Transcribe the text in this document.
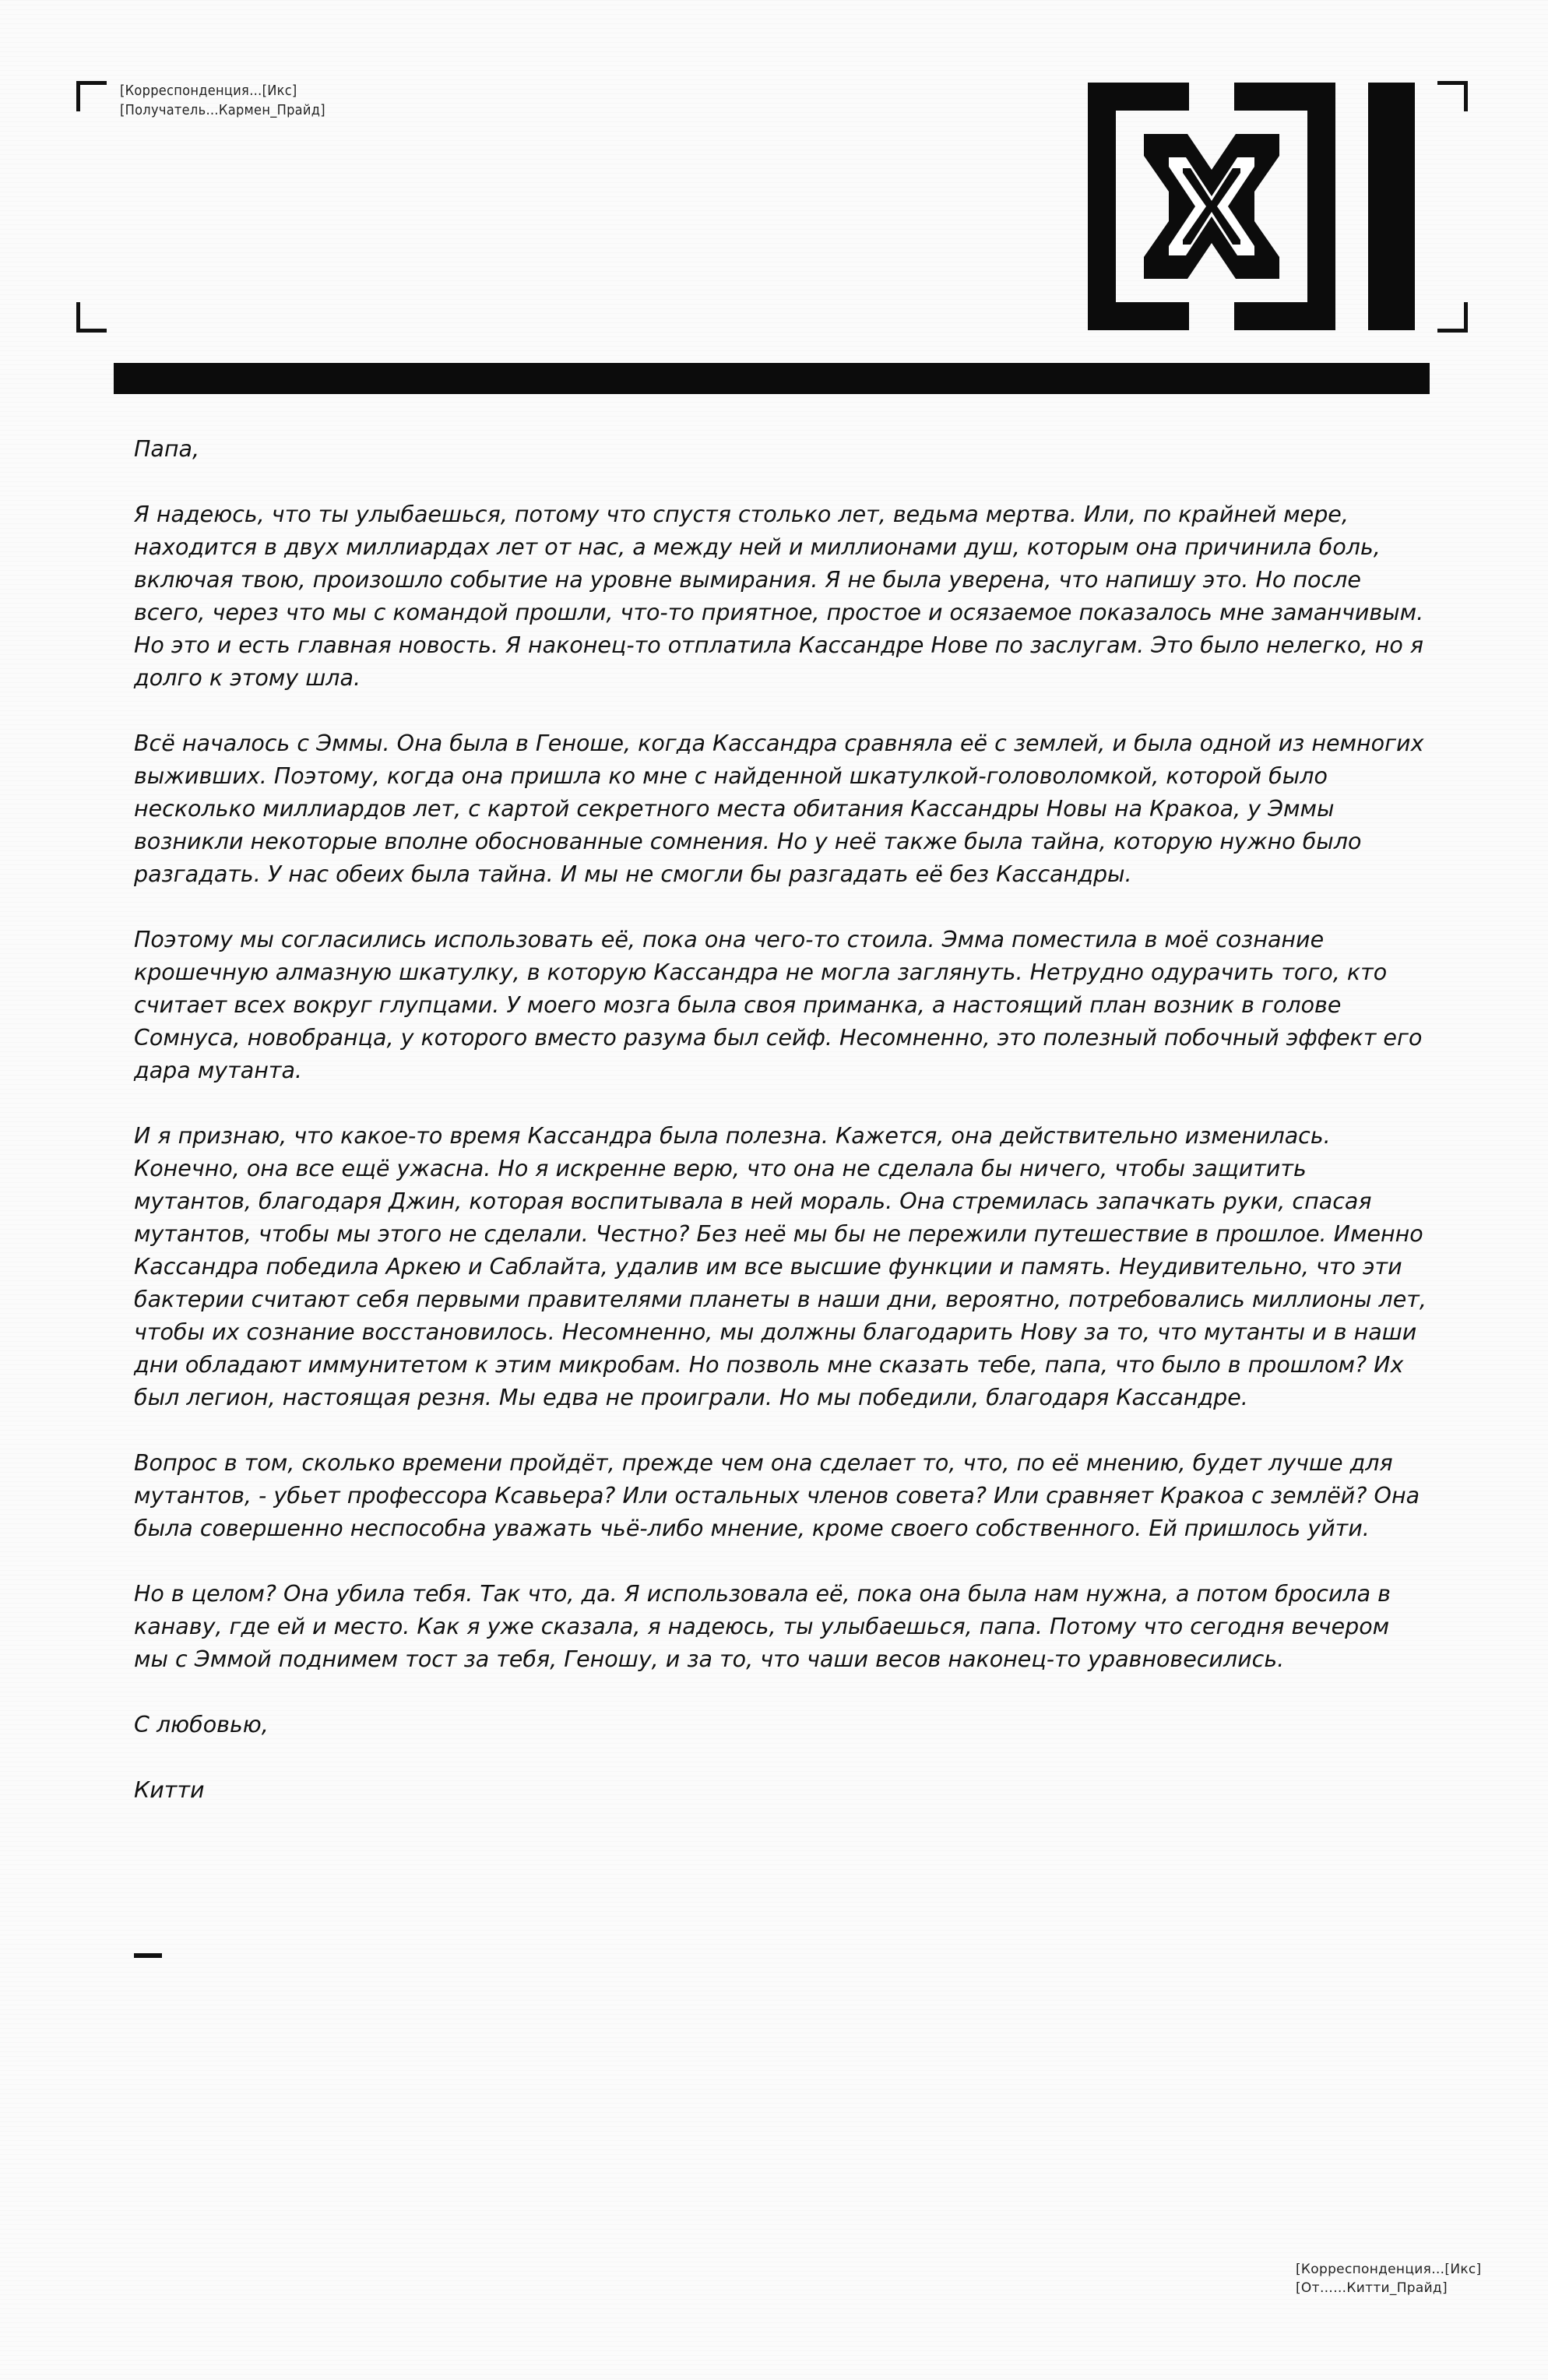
[Корреспонденция…[Икс]
[Получатель…Кармен_Прайд]

Папа,

Я надеюсь, что ты улыбаешься, потому что спустя столько лет, ведьма мертва. Или, по крайней мере, находится в двух миллиардах лет от нас, а между ней и миллионами душ, которым она причинила боль, включая твою, произошло событие на уровне вымирания. Я не была уверена, что напишу это. Но после всего, через что мы с командой прошли, что-то приятное, простое и осязаемое показалось мне заманчивым. Но это и есть главная новость. Я наконец-то отплатила Кассандре Нове по заслугам. Это было нелегко, но я долго к этому шла.

Всё началось с Эммы. Она была в Геноше, когда Кассандра сравняла её с землей, и была одной из немногих выживших. Поэтому, когда она пришла ко мне с найденной шкатулкой-головоломкой, которой было несколько миллиардов лет, с картой секретного места обитания Кассандры Новы на Кракоа, у Эммы возникли некоторые вполне обоснованные сомнения. Но у неё также была тайна, которую нужно было разгадать. У нас обеих была тайна. И мы не смогли бы разгадать её без Кассандры.

Поэтому мы согласились использовать её, пока она чего-то стоила. Эмма поместила в моё сознание крошечную алмазную шкатулку, в которую Кассандра не могла заглянуть. Нетрудно одурачить того, кто считает всех вокруг глупцами. У моего мозга была своя приманка, а настоящий план возник в голове Сомнуса, новобранца, у которого вместо разума был сейф. Несомненно, это полезный побочный эффект его дара мутанта.

И я признаю, что какое-то время Кассандра была полезна. Кажется, она действительно изменилась. Конечно, она все ещё ужасна. Но я искренне верю, что она не сделала бы ничего, чтобы защитить мутантов, благодаря Джин, которая воспитывала в ней мораль. Она стремилась запачкать руки, спасая мутантов, чтобы мы этого не сделали. Честно? Без неё мы бы не пережили путешествие в прошлое. Именно Кассандра победила Аркею и Саблайта, удалив им все высшие функции и память. Неудивительно, что эти бактерии считают себя первыми правителями планеты в наши дни, вероятно, потребовались миллионы лет, чтобы их сознание восстановилось. Несомненно, мы должны благодарить Нову за то, что мутанты и в наши дни обладают иммунитетом к этим микробам. Но позволь мне сказать тебе, папа, что было в прошлом? Их был легион, настоящая резня. Мы едва не проиграли. Но мы победили, благодаря Кассандре.

Вопрос в том, сколько времени пройдёт, прежде чем она сделает то, что, по её мнению, будет лучше для мутантов, - убьет профессора Ксавьера? Или остальных членов совета? Или сравняет Кракоа с землёй? Она была совершенно неспособна уважать чьё-либо мнение, кроме своего собственного. Ей пришлось уйти.

Но в целом? Она убила тебя. Так что, да. Я использовала её, пока она была нам нужна, а потом бросила в канаву, где ей и место. Как я уже сказала, я надеюсь, ты улыбаешься, папа. Потому что сегодня вечером мы с Эммой поднимем тост за тебя, Геношу, и за то, что чаши весов наконец-то уравновесились.

С любовью,

Китти

[Корреспонденция…[Икс]
[От……Китти_Прайд]
